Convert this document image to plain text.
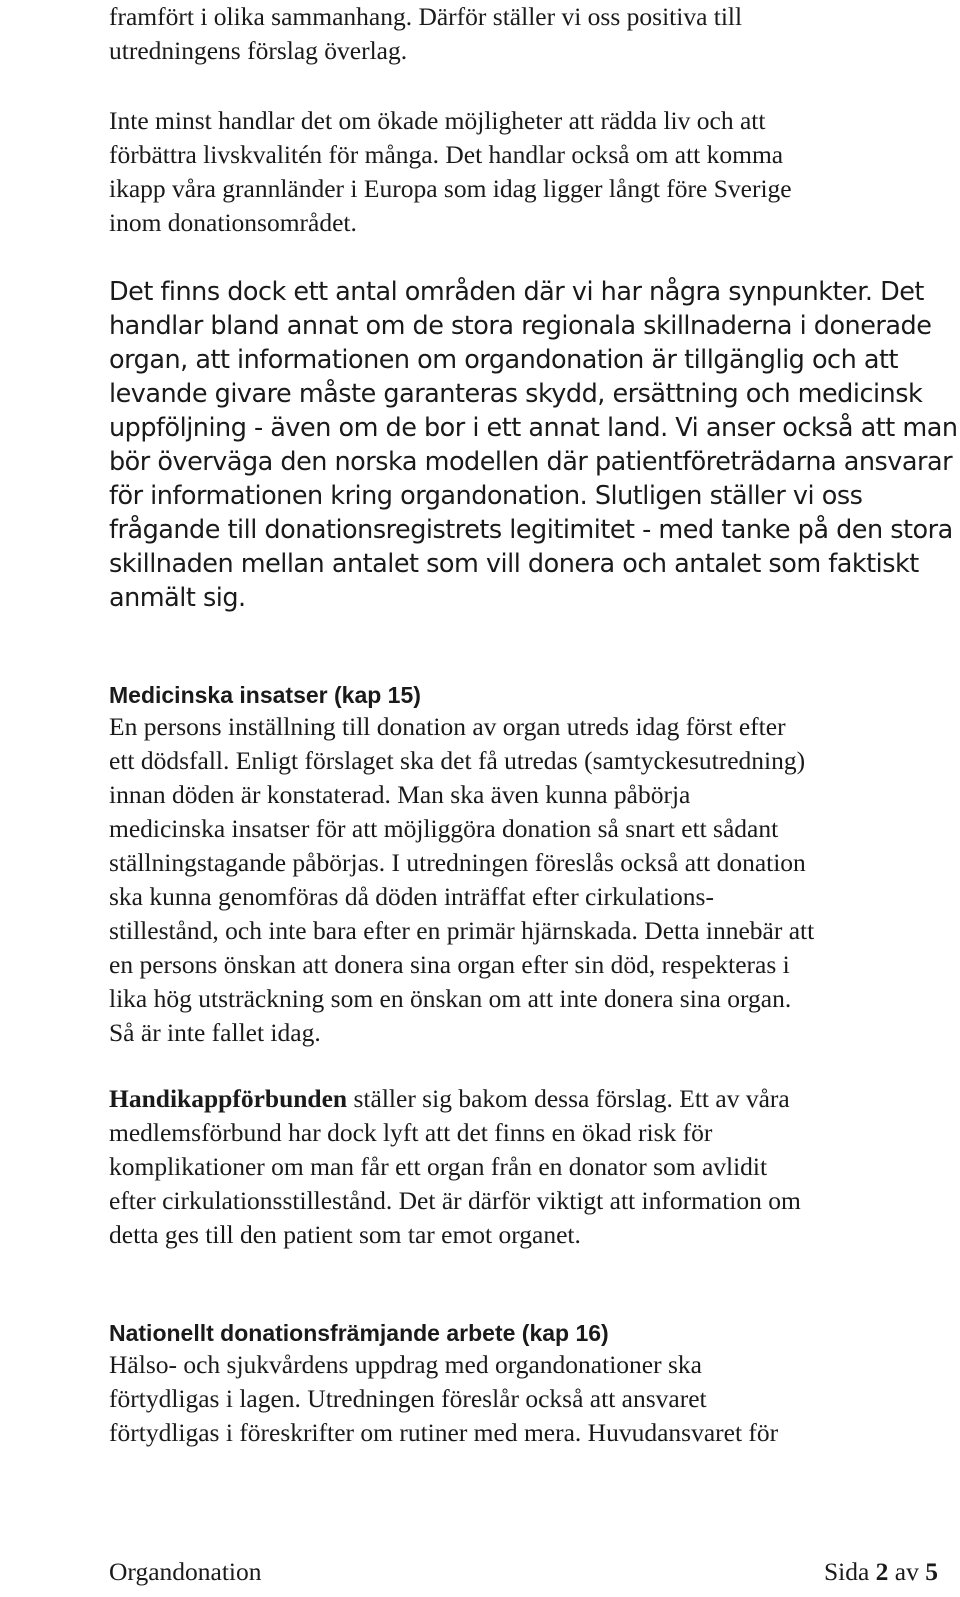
framfört i olika sammanhang. Därför ställer vi oss positiva till
utredningens förslag överlag.
Inte minst handlar det om ökade möjligheter att rädda liv och att
förbättra livskvalitén för många. Det handlar också om att komma
ikapp våra grannländer i Europa som idag ligger långt före Sverige
inom donationsområdet.
Det finns dock ett antal områden där vi har några synpunkter. Det
handlar bland annat om de stora regionala skillnaderna i donerade
organ, att informationen om organdonation är tillgänglig och att
levande givare måste garanteras skydd, ersättning och medicinsk
uppföljning - även om de bor i ett annat land. Vi anser också att man
bör överväga den norska modellen där patientföreträdarna ansvarar
för informationen kring organdonation. Slutligen ställer vi oss
frågande till donationsregistrets legitimitet - med tanke på den stora
skillnaden mellan antalet som vill donera och antalet som faktiskt
anmält sig.
Medicinska insatser (kap 15)
En persons inställning till donation av organ utreds idag först efter
ett dödsfall. Enligt förslaget ska det få utredas (samtyckesutredning)
innan döden är konstaterad. Man ska även kunna påbörja
medicinska insatser för att möjliggöra donation så snart ett sådant
ställningstagande påbörjas. I utredningen föreslås också att donation
ska kunna genomföras då döden inträffat efter cirkulations-
stillestånd, och inte bara efter en primär hjärnskada. Detta innebär att
en persons önskan att donera sina organ efter sin död, respekteras i
lika hög utsträckning som en önskan om att inte donera sina organ.
Så är inte fallet idag.
Handikappförbunden ställer sig bakom dessa förslag. Ett av våra
medlemsförbund har dock lyft att det finns en ökad risk för
komplikationer om man får ett organ från en donator som avlidit
efter cirkulationsstillestånd. Det är därför viktigt att information om
detta ges till den patient som tar emot organet.
Nationellt donationsfrämjande arbete (kap 16)
Hälso- och sjukvårdens uppdrag med organdonationer ska
förtydligas i lagen. Utredningen föreslår också att ansvaret
förtydligas i föreskrifter om rutiner med mera. Huvudansvaret för
Organdonation	Sida 2 av 5
